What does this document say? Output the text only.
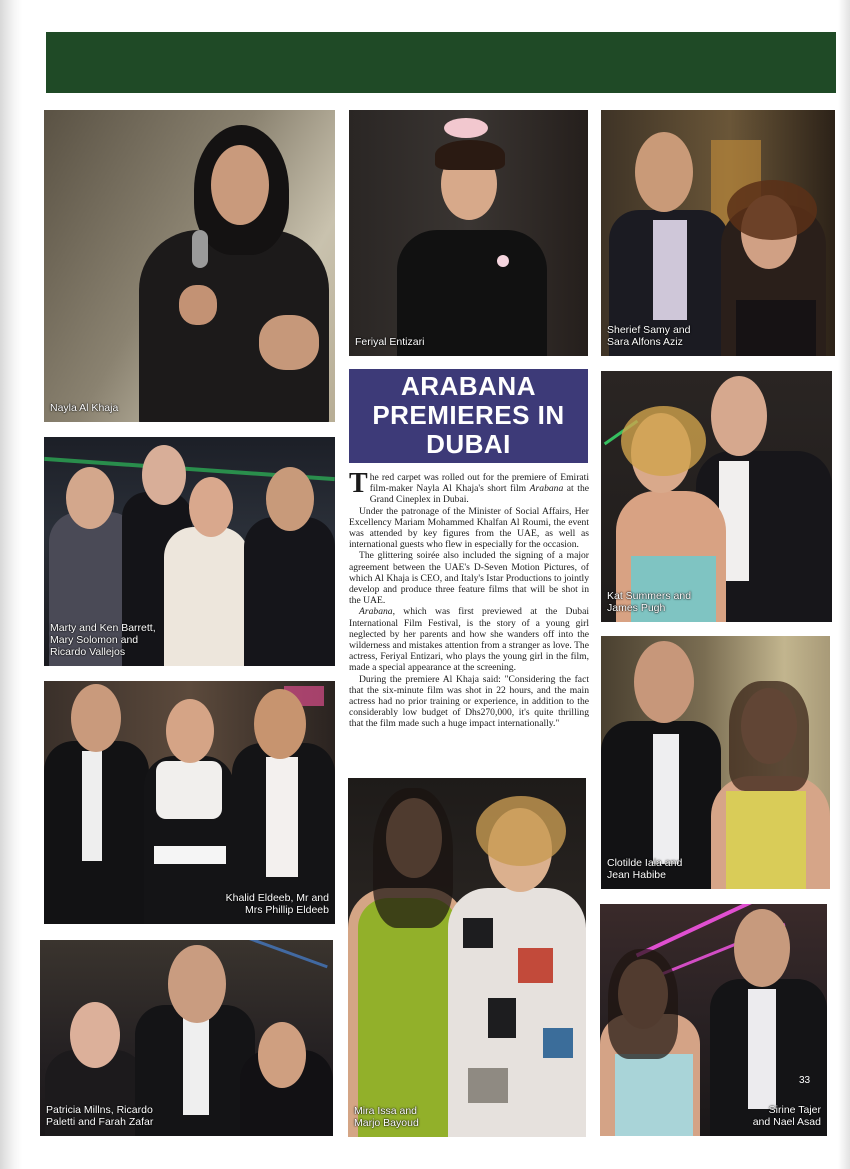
Nayla Al Khaja
Feriyal Entizari
Sherief Samy and
Sara Alfons Aziz
ARABANA
PREMIERES IN
DUBAI

The red carpet was rolled out for the premiere of Emirati film-maker Nayla Al Khaja's short film Arabana at the Grand Cineplex in Dubai.

Under the patronage of the Minister of Social Affairs, Her Excellency Mariam Mohammed Khalfan Al Roumi, the event was attended by key figures from the UAE, as well as international guests who flew in especially for the occasion.

The glittering soirée also included the signing of a major agreement between the UAE's D-Seven Motion Pictures, of which Al Khaja is CEO, and Italy's Istar Productions to jointly develop and produce three feature films that will be shot in the UAE.

Arabana, which was first previewed at the Dubai International Film Festival, is the story of a young girl neglected by her parents and how she wanders off into the wilderness and mistakes attention from a stranger as love. The actress, Feriyal Entizari, who plays the young girl in the film, made a special appearance at the screening.

During the premiere Al Khaja said: "Considering the fact that the six-minute film was shot in 22 hours, and the main actress had no prior training or experience, in addition to the considerably low budget of Dhs270,000, it's quite thrilling that the film made such a huge impact internationally."

Marty and Ken Barrett,
Mary Solomon and
Ricardo Vallejos
Kat Summers and
James Pugh
Khalid Eldeeb, Mr and
Mrs Phillip Eldeeb
Clotilde Iaia and
Jean Habibe
Mira Issa and
Marjo Bayoud
Patricia Millns, Ricardo
Paletti and Farah Zafar
Sirine Tajer
and Nael Asad
33
